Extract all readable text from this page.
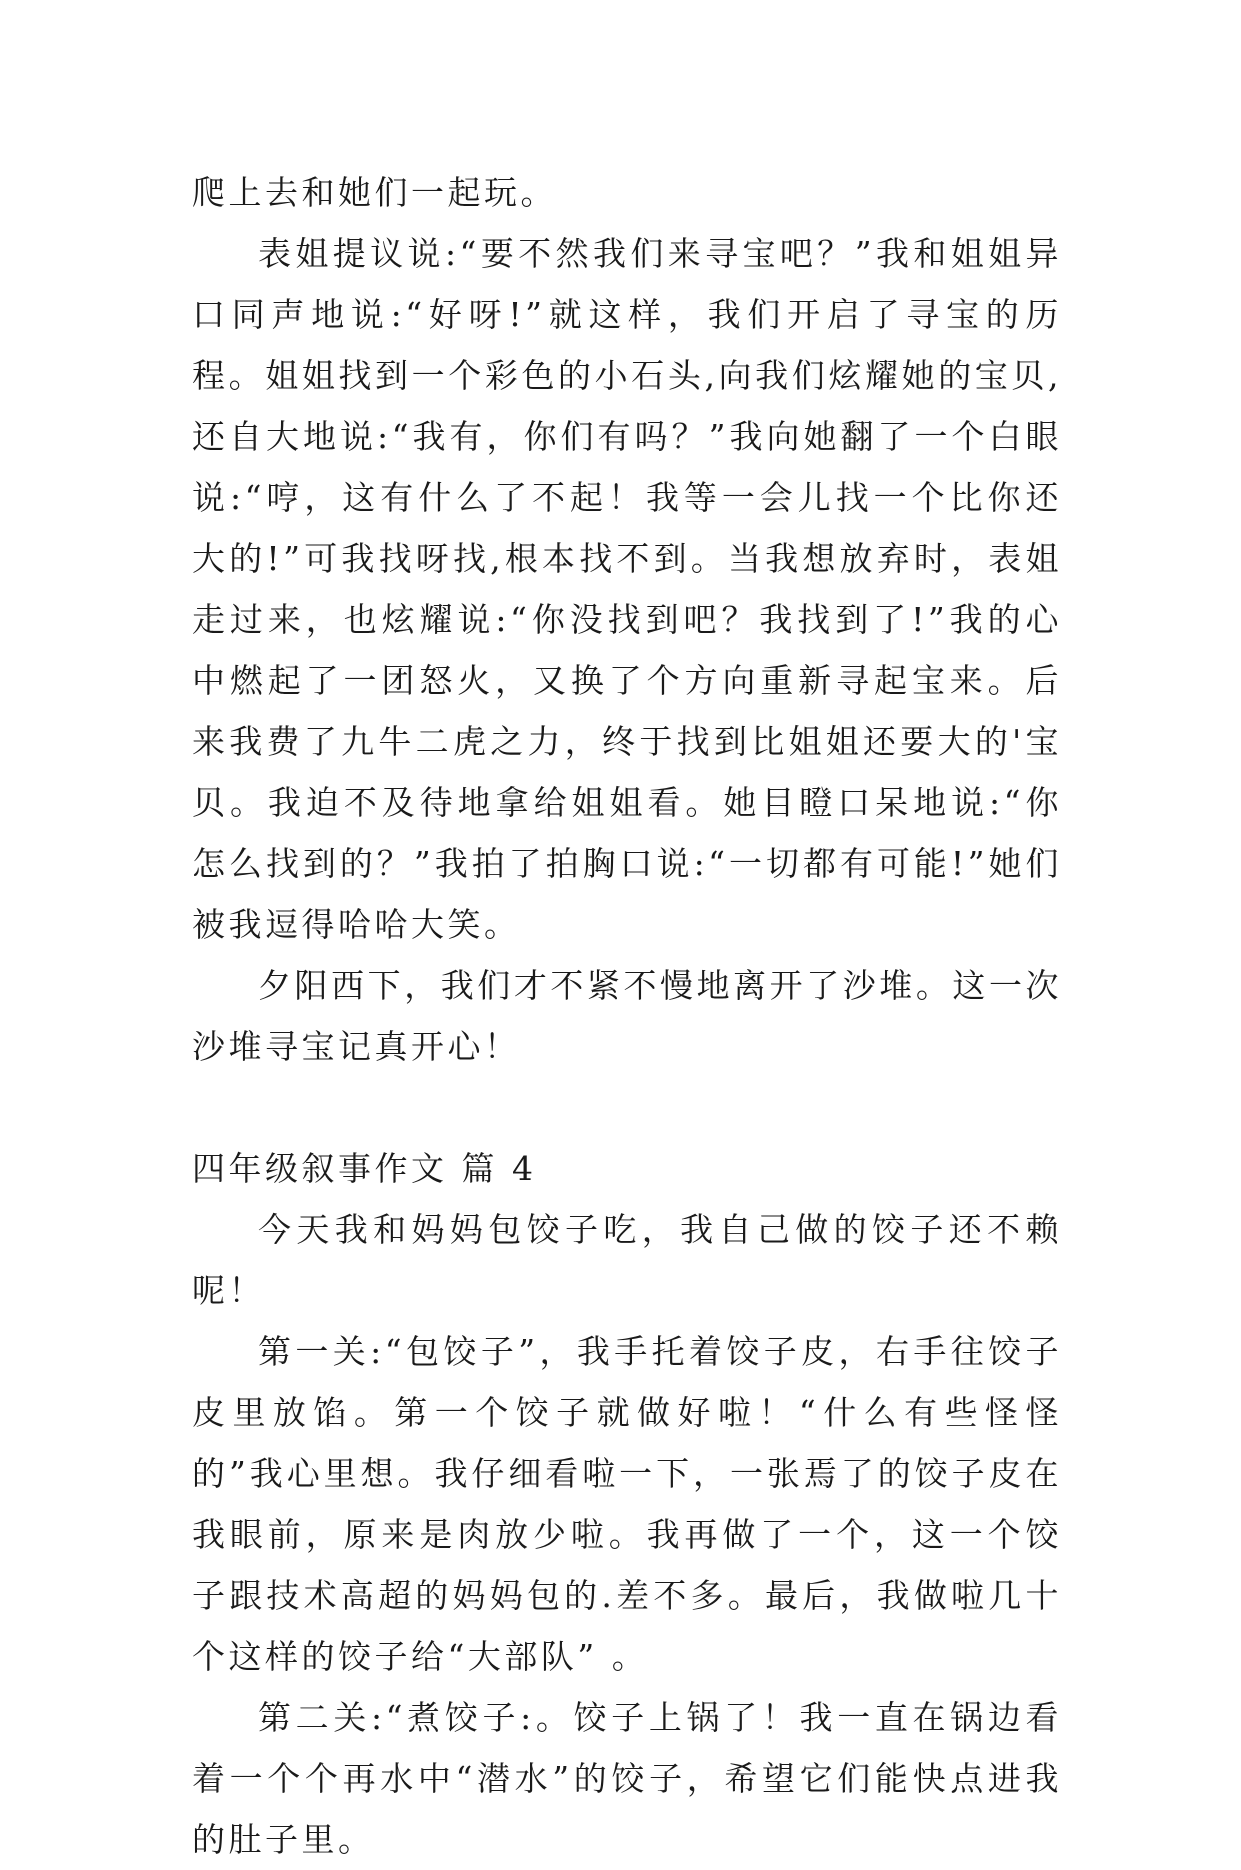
爬上去和她们一起玩。

表姐提议说:“要不然我们来寻宝吧？”我和姐姐异口同声地说:“好呀!”就这样，我们开启了寻宝的历程。姐姐找到一个彩色的小石头,向我们炫耀她的宝贝,还自大地说:“我有，你们有吗？”我向她翻了一个白眼说:“哼，这有什么了不起！我等一会儿找一个比你还大的!”可我找呀找,根本找不到。当我想放弃时，表姐走过来，也炫耀说:“你没找到吧？我找到了!”我的心中燃起了一团怒火，又换了个方向重新寻起宝来。后来我费了九牛二虎之力，终于找到比姐姐还要大的'宝贝。我迫不及待地拿给姐姐看。她目瞪口呆地说:“你怎么找到的？”我拍了拍胸口说:“一切都有可能!”她们被我逗得哈哈大笑。

夕阳西下，我们才不紧不慢地离开了沙堆。这一次沙堆寻宝记真开心！

四年级叙事作文 篇 4

今天我和妈妈包饺子吃，我自己做的饺子还不赖呢！

第一关:“包饺子”，我手托着饺子皮，右手往饺子皮里放馅。第一个饺子就做好啦！“什么有些怪怪的”我心里想。我仔细看啦一下，一张焉了的饺子皮在我眼前，原来是肉放少啦。我再做了一个，这一个饺子跟技术高超的妈妈包的.差不多。最后，我做啦几十个这样的饺子给“大部队” 。

第二关:“煮饺子:。饺子上锅了！我一直在锅边看着一个个再水中“潜水”的饺子，希望它们能快点进我的肚子里。
